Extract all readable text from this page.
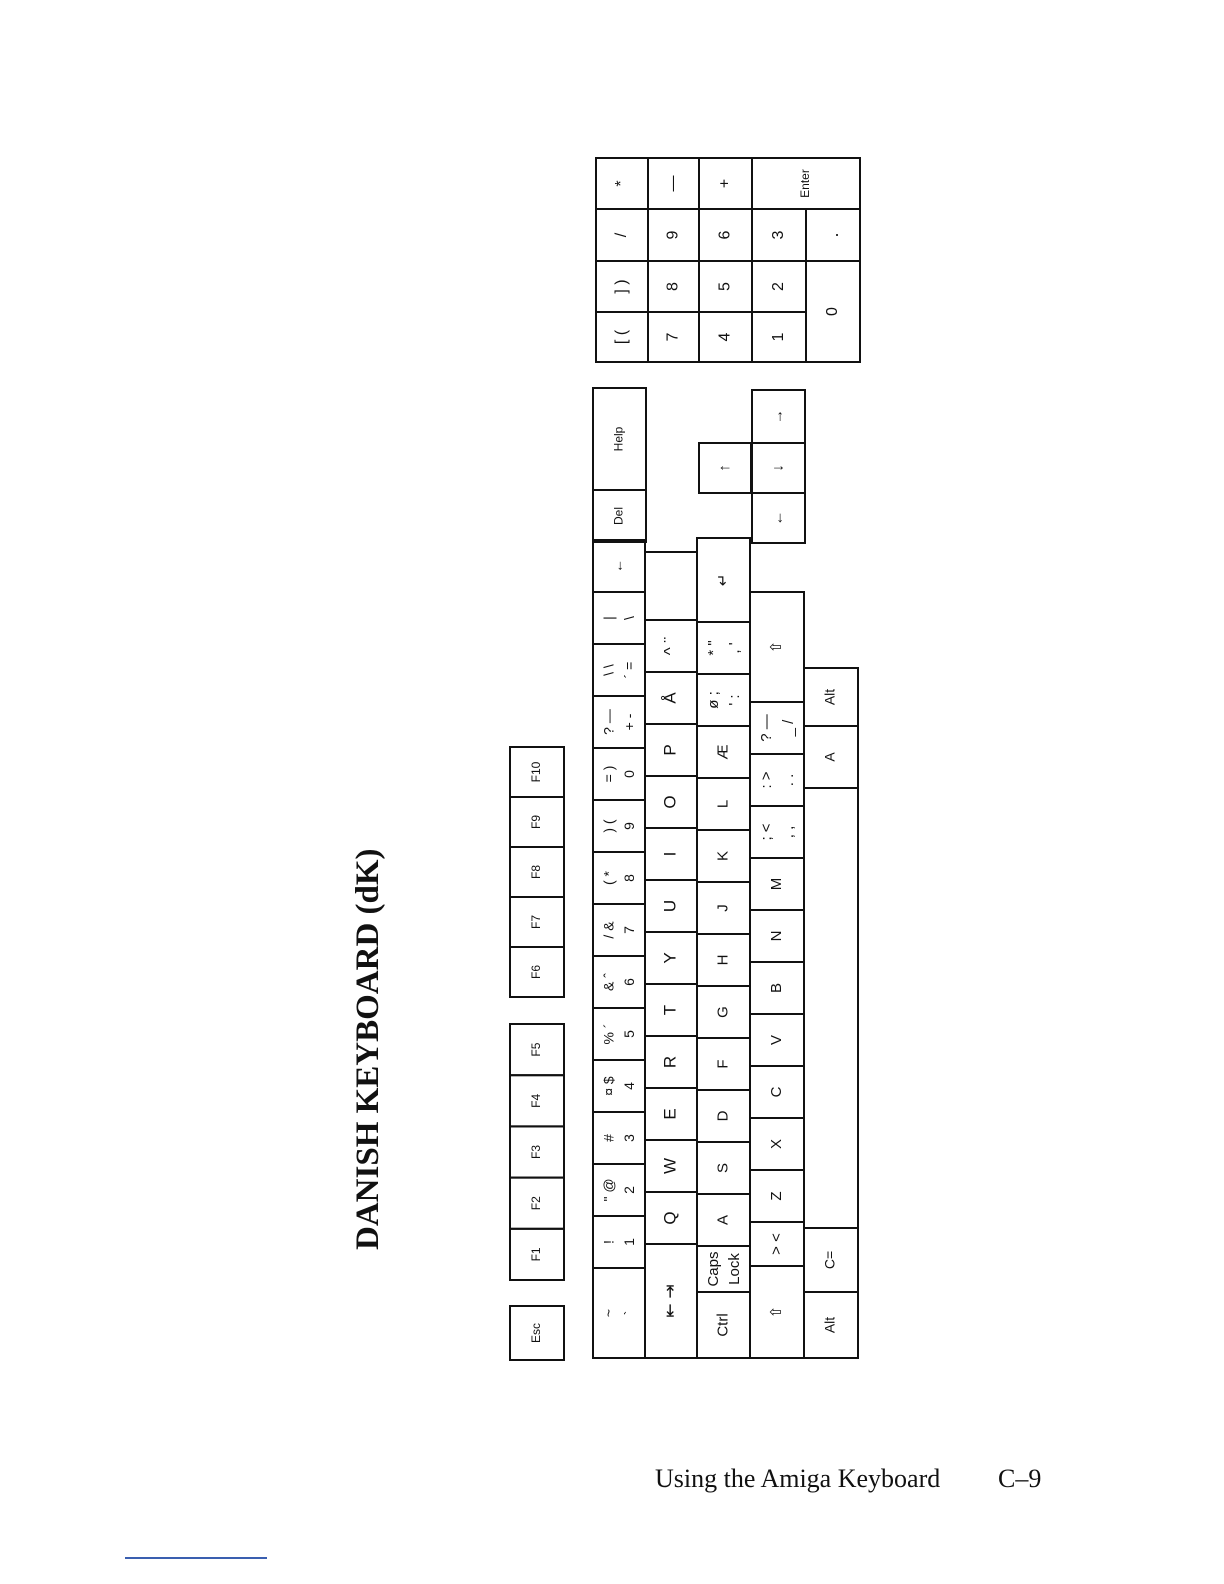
DANISH KEYBOARD (dK)
Esc
F1
F2
F3
F4
F5
F6
F7
F8
F9
F10
~ `
! 1
" @ 2
# 3
¤ $ 4
% ´ 5
& ˆ 6
/ & 7
( * 8
) ( 9
= ) 0
? — + -
\ \ ´ =
| \
←
⇤ ⇥
Q
W
E
R
T
Y
U
I
O
P
Å
^ ¨
Ctrl
Caps Lock
A
S
D
F
G
H
J
K
L
Æ
ø ; ' :
* " , '
↵
⇧
> <
Z
X
C
V
B
N
M
; < , ,
: > . .
? — _ /
⇧
Alt
C=
A
Alt
Del
Help
↑
←
↓
→
[ (
] )
/
*
7
8
9
—
4
5
6
+
1
2
3
Enter
0
.
Using the Amiga Keyboard C–9
